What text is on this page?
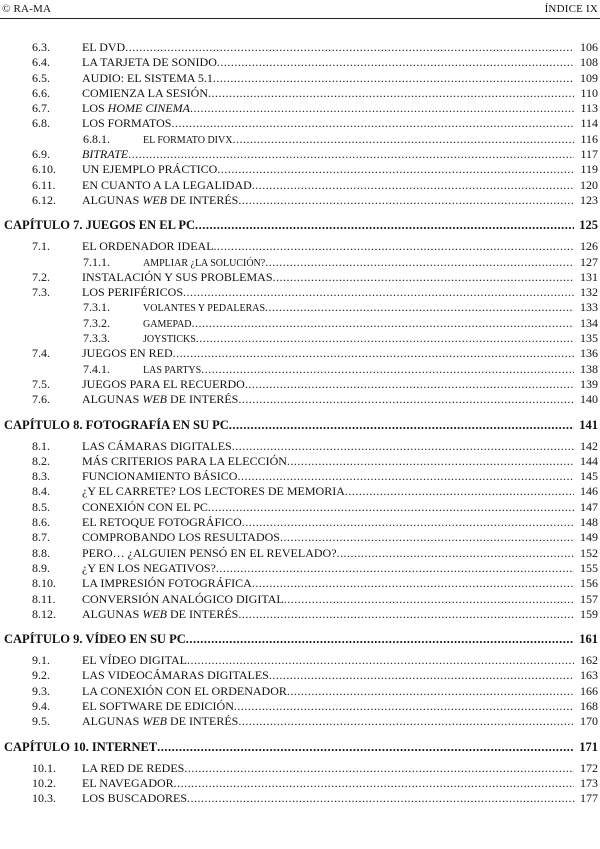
© RA-MA	ÍNDICE IX
6.3.	EL DVD .....	106
6.4.	LA TARJETA DE SONIDO .....	108
6.5.	AUDIO: EL SISTEMA 5.1 .....	109
6.6.	COMIENZA LA SESIÓN .....	110
6.7.	LOS HOME CINEMA .....	113
6.8.	LOS FORMATOS .....	114
6.8.1.	EL FORMATO DIVX .....	116
6.9.	BITRATE .....	117
6.10. UN EJEMPLO PRÁCTICO .....	119
6.11. EN CUANTO A LA LEGALIDAD .....	120
6.12. ALGUNAS WEB DE INTERÉS .....	123
CAPÍTULO 7. JUEGOS EN EL PC .....	125
7.1.	EL ORDENADOR IDEAL .....	126
7.1.1.	AMPLIAR ¿LA SOLUCIÓN? .....	127
7.2.	INSTALACIÓN Y SUS PROBLEMAS .....	131
7.3.	LOS PERIFÉRICOS .....	132
7.3.1.	VOLANTES Y PEDALERAS .....	133
7.3.2.	GAMEPAD .....	134
7.3.3.	JOYSTICKS .....	135
7.4.	JUEGOS EN RED .....	136
7.4.1.	LAS PARTYS .....	138
7.5.	JUEGOS PARA EL RECUERDO .....	139
7.6.	ALGUNAS WEB DE INTERÉS .....	140
CAPÍTULO 8. FOTOGRAFÍA EN SU PC .....	141
8.1.	LAS CÁMARAS DIGITALES .....	142
8.2.	MÁS CRITERIOS PARA LA ELECCIÓN .....	144
8.3.	FUNCIONAMIENTO BÁSICO .....	145
8.4.	¿Y EL CARRETE? LOS LECTORES DE MEMORIA .....	146
8.5.	CONEXIÓN CON EL PC .....	147
8.6.	EL RETOQUE FOTOGRÁFICO .....	148
8.7.	COMPROBANDO LOS RESULTADOS .....	149
8.8.	PERO… ¿ALGUIEN PENSÓ EN EL REVELADO? .....	152
8.9.	¿Y EN LOS NEGATIVOS? .....	155
8.10. LA IMPRESIÓN FOTOGRÁFICA .....	156
8.11. CONVERSIÓN ANALÓGICO DIGITAL .....	157
8.12. ALGUNAS WEB DE INTERÉS .....	159
CAPÍTULO 9. VÍDEO EN SU PC .....	161
9.1.	EL VÍDEO DIGITAL .....	162
9.2.	LAS VIDEOCÁMARAS DIGITALES .....	163
9.3.	LA CONEXIÓN CON EL ORDENADOR .....	166
9.4.	EL SOFTWARE DE EDICIÓN .....	168
9.5.	ALGUNAS WEB DE INTERÉS .....	170
CAPÍTULO 10. INTERNET .....	171
10.1. LA RED DE REDES .....	172
10.2. EL NAVEGADOR .....	173
10.3. LOS BUSCADORES .....	177
